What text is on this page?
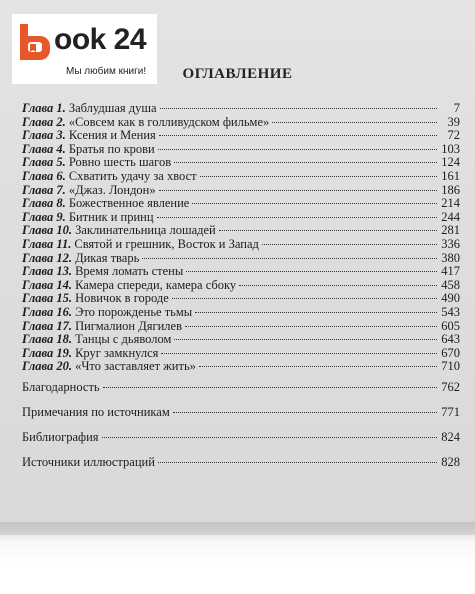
ook 24
Мы любим книги!	ОГЛАВЛЕНИЕ
Глава 1. Заблудшая душа	7
Глава 2. «Совсем как в голливудском фильме»	39
Глава 3. Ксения и Мения	72
Глава 4. Братья по крови	103
Глава 5. Ровно шесть шагов	124
Глава 6. Схватить удачу за хвост	161
Глава 7. «Джаз. Лондон»	186
Глава 8. Божественное явление	214
Глава 9. Битник и принц	244
Глава 10. Заклинательница лошадей	281
Глава 11. Святой и грешник, Восток и Запад	336
Глава 12. Дикая тварь	380
Глава 13. Время ломать стены	417
Глава 14. Камера спереди, камера сбоку	458
Глава 15. Новичок в городе	490
Глава 16. Это порожденье тьмы	543
Глава 17. Пигмалион Дягилев	605
Глава 18. Танцы с дьяволом	643
Глава 19. Круг замкнулся	670
Глава 20. «Что заставляет жить»	710
Благодарность	762
Примечания по источникам	771
Библиография	824
Источники иллюстраций	828
